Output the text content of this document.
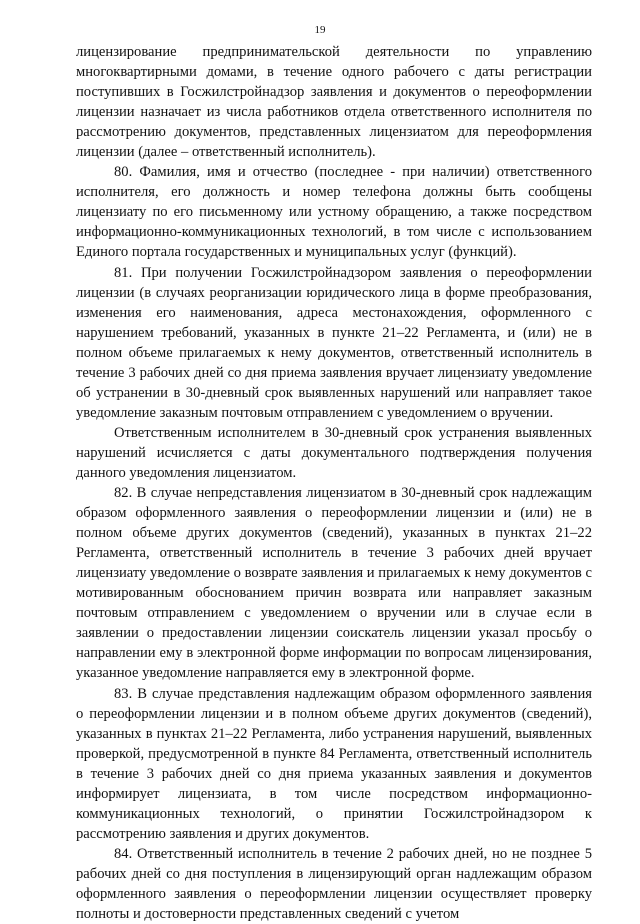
19

лицензирование предпринимательской деятельности по управлению многоквартирными домами, в течение одного рабочего с даты регистрации поступивших в Госжилстройнадзор заявления и документов о переоформлении лицензии назначает из числа работников отдела ответственного исполнителя по рассмотрению документов, представленных лицензиатом для переоформления лицензии (далее – ответственный исполнитель).

80. Фамилия, имя и отчество (последнее - при наличии) ответственного исполнителя, его должность и номер телефона должны быть сообщены лицензиату по его письменному или устному обращению, а также посредством информационно-коммуникационных технологий, в том числе с использованием Единого портала государственных и муниципальных услуг (функций).

81. При получении Госжилстройнадзором заявления о переоформлении лицензии (в случаях реорганизации юридического лица в форме преобразования, изменения его наименования, адреса местонахождения, оформленного с нарушением требований, указанных в пункте 21–22 Регламента, и (или) не в полном объеме прилагаемых к нему документов, ответственный исполнитель в течение 3 рабочих дней со дня приема заявления вручает лицензиату уведомление об устранении в 30-дневный срок выявленных нарушений или направляет такое уведомление заказным почтовым отправлением с уведомлением о вручении.

Ответственным исполнителем в 30-дневный срок устранения выявленных нарушений исчисляется с даты документального подтверждения получения данного уведомления лицензиатом.

82. В случае непредставления лицензиатом в 30-дневный срок надлежащим образом оформленного заявления о переоформлении лицензии и (или) не в полном объеме других документов (сведений), указанных в пунктах 21–22 Регламента, ответственный исполнитель в течение 3 рабочих дней вручает лицензиату уведомление о возврате заявления и прилагаемых к нему документов с мотивированным обоснованием причин возврата или направляет заказным почтовым отправлением с уведомлением о вручении или в случае если в заявлении о предоставлении лицензии соискатель лицензии указал просьбу о направлении ему в электронной форме информации по вопросам лицензирования, указанное уведомление направляется ему в электронной форме.

83. В случае представления надлежащим образом оформленного заявления о переоформлении лицензии и в полном объеме других документов (сведений), указанных в пунктах 21–22 Регламента, либо устранения нарушений, выявленных проверкой, предусмотренной в пункте 84 Регламента, ответственный исполнитель в течение 3 рабочих дней со дня приема указанных заявления и документов информирует лицензиата, в том числе посредством информационно-коммуникационных технологий, о принятии Госжилстройнадзором к рассмотрению заявления и других документов.

84. Ответственный исполнитель в течение 2 рабочих дней, но не позднее 5 рабочих дней со дня поступления в лицензирующий орган надлежащим образом оформленного заявления о переоформлении лицензии осуществляет проверку полноты и достоверности представленных сведений с учетом
